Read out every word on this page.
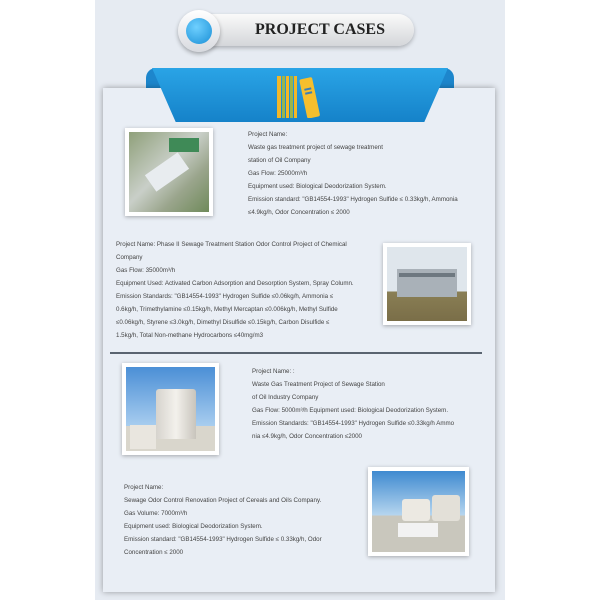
PROJECT CASES
Project Name:
Waste gas treatment project of sewage treatment
station of Oil Company
Gas Flow: 25000m³/h
Equipment used: Biological Deodorization System.
Emission standard: "GB14554-1993" Hydrogen Sulfide ≤ 0.33kg/h, Ammonia
≤4.9kg/h, Odor Concentration ≤ 2000
Project Name: Phase II Sewage Treatment Station Odor Control Project of Chemical
Company
Gas Flow: 35000m³/h
Equipment Used: Activated Carbon Adsorption and Desorption System, Spray Column.
Emission Standards: "GB14554-1993" Hydrogen Sulfide ≤0.06kg/h, Ammonia ≤
0.6kg/h, Trimethylamine ≤0.15kg/h, Methyl Mercaptan ≤0.006kg/h, Methyl Sulfide
≤0.06kg/h, Styrene ≤3.0kg/h, Dimethyl Disulfide ≤0.15kg/h, Carbon Disulfide ≤
1.5kg/h, Total Non-methane Hydrocarbons ≤40mg/m3
Project Name: :
Waste Gas Treatment Project of Sewage Station
of Oil Industry Company
Gas Flow: 5000m³/h Equipment used: Biological Deodorization System.
Emission Standards: "GB14554-1993" Hydrogen Sulfide ≤0.33kg/h Ammo
nia ≤4.9kg/h, Odor Concentration ≤2000
Project Name:
Sewage Odor Control Renovation Project of Cereals and Oils Company.
Gas Volume: 7000m³/h
Equipment used: Biological Deodorization System.
Emission standard: "GB14554-1993" Hydrogen Sulfide ≤ 0.33kg/h, Odor
Concentration ≤ 2000
